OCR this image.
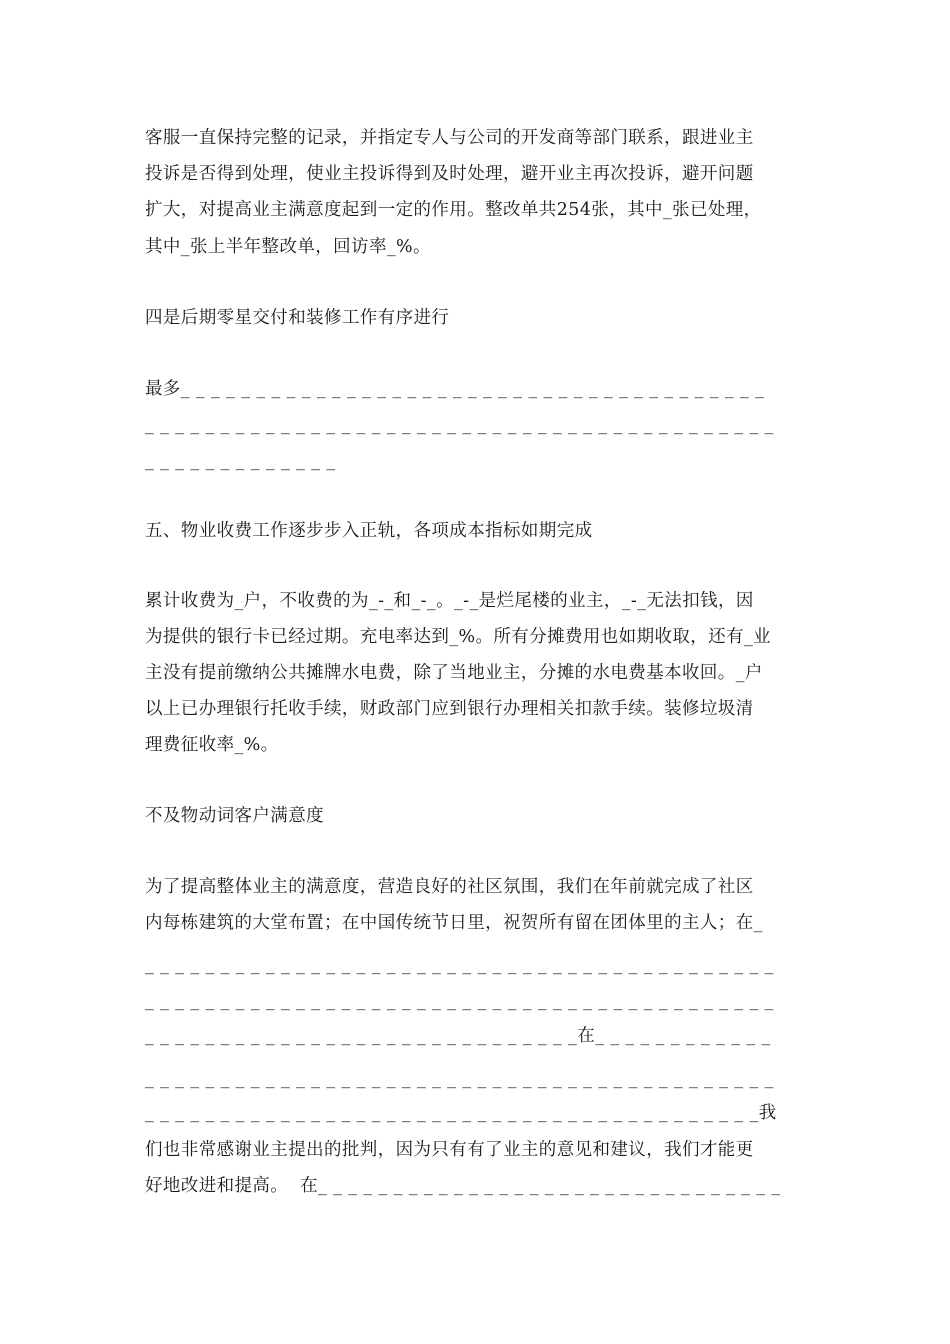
客服一直保持完整的记录，并指定专人与公司的开发商等部门联系，跟进业主
投诉是否得到处理，使业主投诉得到及时处理，避开业主再次投诉，避开问题
扩大，对提高业主满意度起到一定的作用。整改单共254张，其中_张已处理，
其中_张上半年整改单，回访率_%。
四是后期零星交付和装修工作有序进行
最多_ _ _ _ _ _ _ _ _ _ _ _ _ _ _ _ _ _ _ _ _ _ _ _ _ _ _ _ _ _ _ _ _ _ _ _ _ _ _
_ _ _ _ _ _ _ _ _ _ _ _ _ _ _ _ _ _ _ _ _ _ _ _ _ _ _ _ _ _ _ _ _ _ _ _ _ _ _ _ _ _
_ _ _ _ _ _ _ _ _ _ _ _ _
五、物业收费工作逐步步入正轨，各项成本指标如期完成
累计收费为_户，不收费的为_-_和_-_。_-_是烂尾楼的业主，_-_无法扣钱，因
为提供的银行卡已经过期。充电率达到_%。所有分摊费用也如期收取，还有_业
主没有提前缴纳公共摊牌水电费，除了当地业主，分摊的水电费基本收回。_户
以上已办理银行托收手续，财政部门应到银行办理相关扣款手续。装修垃圾清
理费征收率_%。
不及物动词客户满意度
为了提高整体业主的满意度，营造良好的社区氛围，我们在年前就完成了社区
内每栋建筑的大堂布置；在中国传统节日里，祝贺所有留在团体里的主人；在_
_ _ _ _ _ _ _ _ _ _ _ _ _ _ _ _ _ _ _ _ _ _ _ _ _ _ _ _ _ _ _ _ _ _ _ _ _ _ _ _ _ _
_ _ _ _ _ _ _ _ _ _ _ _ _ _ _ _ _ _ _ _ _ _ _ _ _ _ _ _ _ _ _ _ _ _ _ _ _ _ _ _ _ _
_ _ _ _ _ _ _ _ _ _ _ _ _ _ _ _ _ _ _ _ _ _ _ _ _ _ _ _ _在_ _ _ _ _ _ _ _ _ _ _ _
_ _ _ _ _ _ _ _ _ _ _ _ _ _ _ _ _ _ _ _ _ _ _ _ _ _ _ _ _ _ _ _ _ _ _ _ _ _ _ _ _ _
_ _ _ _ _ _ _ _ _ _ _ _ _ _ _ _ _ _ _ _ _ _ _ _ _ _ _ _ _ _ _ _ _ _ _ _ _ _ _ _ _我
们也非常感谢业主提出的批判，因为只有有了业主的意见和建议，我们才能更
好地改进和提高。  在_ _ _ _ _ _ _ _ _ _ _ _ _ _ _ _ _ _ _ _ _ _ _ _ _ _ _ _ _ _ _
